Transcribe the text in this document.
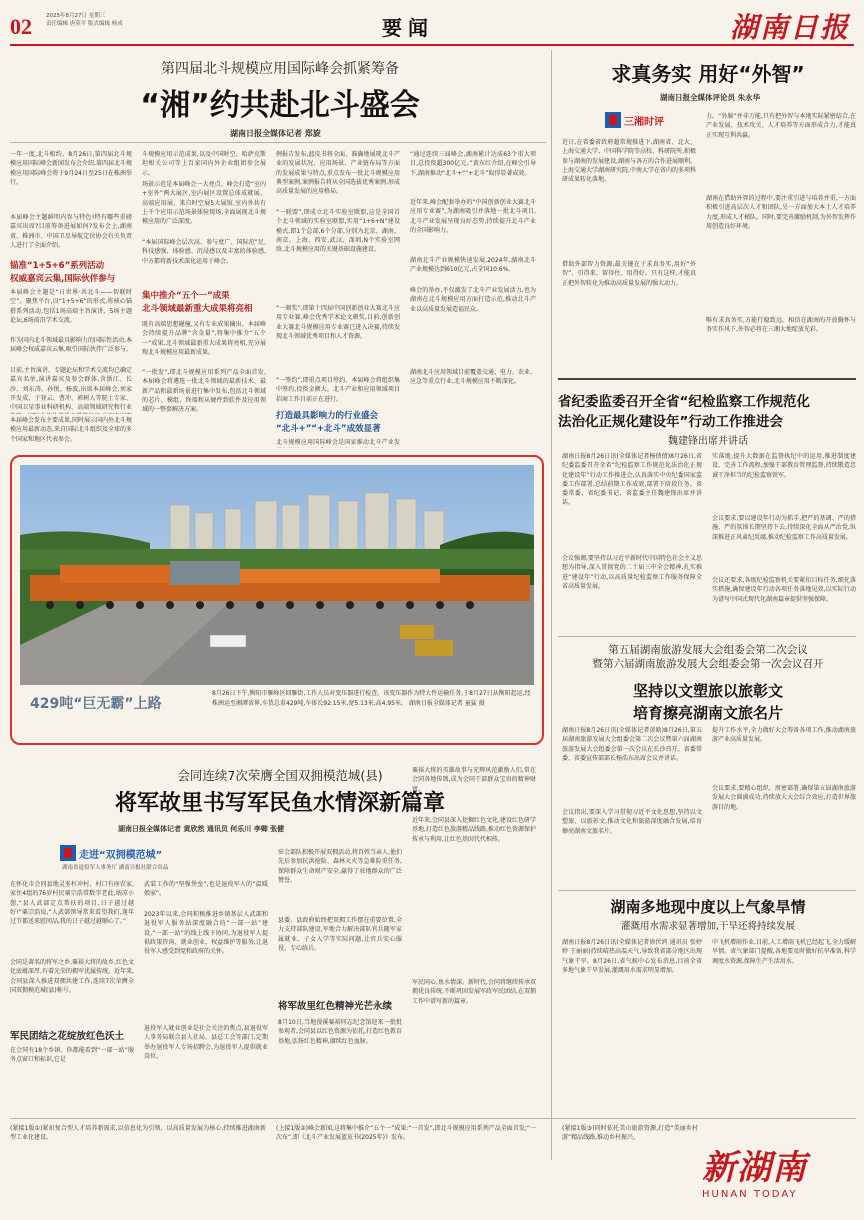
02	2025年8月27日 星期三
责任编辑 唐莫平 版式编辑 杨成	要闻	湖南日报
第四届北斗规模应用国际峰会抓紧筹备
“湘”约共赴北斗盛会
湖南日报全媒体记者 郑旋
一年一度,北斗相约。8月26日,第四届北斗规模应用国际峰会新闻发布会介绍,第四届北斗规模应用国际峰会将于9月24日至25日在株洲举行。
本届峰会主题鲜明内容与特色!特有哪些重磅嘉宾出席?目前筹备进展如何?发布会上,湖南省、株洲市、中国卫星导航定位协会有关负责人进行了全面介绍。
锚准“1+5+6”系列活动
权威嘉宾云集,国际伙伴参与
本届峰会主题是“日世界·共北斗——智联时空”。聚焦平台,以“1+5+6”的形式,将核心锚搭系列活动,包括1场高端主旨演讲、5场主题论坛,6场前沿学术交流。
作为国内北斗领域最具影响力的国际性活动,本届峰会权威嘉宾云集,吸引国际伙伴广泛参与。
目前,主旨演讲、专题论坛和学术交流均已确定嘉宾名单,演讲嘉宾及参会群体,含浙江、长沙、刘东涛、孙悦、杨波,出席本届峰会,刘家开发成、于登云、曹冲、郭树人等院士专家、中国卫星事业科研机构、高端领域研究和行业
本届峰会发布主要成果,同时展示国内外北斗规模应用最新动态,来自国际北斗组织及全球的多个国家和地区代表参会。
斗规模应用示范成果,以及中国时空、哈萨克斯坦相关公司等上百家国内外企业组团参会展示。
场景示范是本届峰会一大亮点。峰会打造“室内+室外”两大展区,室内展区设置总体成就展、高端应用展、来自时空展5大展馆,室内外共有上千个应用示范场景体验现场,全面展现北斗规模应用的广泛深度。
“本届国际峰会层次高、参与度广、国际范”足,科技感强、体验感、沉浸感以及丰富的体验感,中方都将新技术深化运用于峰会。
集中推介“五个一”成果
北斗领域最新重大成果将亮相
既有高端思想碰撞,又有专业成果输出。本届峰会持续提升品牌“含金量”,将集中推介“五个一”成果,北斗领域最新重大成果将亮相,充分展现北斗规模应用最新成果。
“一批发”,即北斗规模应用系列产品全面首发,本届峰会将遴选一批北斗领域的最新技术、最新产品和最新场景进行集中发布,包括北斗领域的芯片、模组、终端和从硬件到软件及应用领域的一整套解决方案。
例报告发布,蓝皮书将全面、准确地展现北斗产业的发展状况、应用场景、产业链布局等方面的发展成果与特点,重点发布一批北斗规模应用典型案例,案例报告将从全国选拔优秀案例,形成高质量发展的应用格局。
“一联盟”,即成立北斗实验室联盟,这是全国首个北斗领域的实验室联盟,实用“1+6+N”建设模式,即1个总部,6个分部,分别为北京、湖南、南京、上海、西安,武汉、深圳,N个实验室网络,北斗规模应用的关键基础设施建设。
“一颁奖”,即第十四届中国创新创业大赛北斗应用专业赛,峰会优秀学术论文颁奖,目前,创新创业大赛北斗规模应用专业赛已进入决赛,持续发现北斗领域优秀项目和人才资源。
“一签约”,即重点项目签约。本届峰会将组织集中签约,投资金额大。北斗产业和应用领域项目招商工作目前正在进行。
打造最具影响力的行业盛会
“北斗+”“+北斗”成效显著
北斗规模应用国际峰会是国家推动北斗产业发
“通过连续三届峰会,湖南累计达成63个重大项目,总投资超300亿元。”黄东红介绍,在峰会引导下,湖南推动“北斗+”“+北斗”取得显著成效。
近年来,峰会配套举办的“中国创新创业大赛北斗应用专业赛”,为湖南吸引并落地一批北斗项目,北斗产业发展呈现良好态势,持续提升北斗产业的全国影响力。
湖南北斗产业规模快速发展,2024年,湖南北斗产业规模达到610亿元,占全国10.6%。
峰会的举办,不仅激发了北斗产业发展活力,也为湖南在北斗规模应用方面打造示范,推动北斗产业以高质量发展造福民众。
湖南北斗应用领域目前覆盖交通、电力、农业、应急等重点行业,北斗规模应用不断深化。
求真务实 用好“外智”
湖南日报全媒体评论员 朱永华
三湘时评
近日,在省委省政府超常规推进下,湖南省、北大、上海交通大学、中国科学院等高校、科研院所,积极参与湖南的发展建设,湖南与各方的合作进展顺利。上海交通大学湖南研究院,中南大学在省内的多项科研成果转化落地。
借助外部智力资源,最关键在于求真务实,用好“外智”、引得来、留得住、用得好。只有这样,才能真正把外智转化为推动高质量发展的强大动力。
力。“外脑”并非万能,只有把外智与本地实际紧密结合,在产业发展、技术攻关、人才培养等方面形成合力,才能真正实现互利共赢。
湖南在借助外智的过程中,要注重引进与培养并重,一方面积极引进高层次人才和团队,另一方面加大本土人才培养力度,形成人才梯队。同时,要完善激励机制,为外智发挥作用创造良好环境。
唯有求真务实,方能行稳致远。相信在湖南的开放胸怀与务实作风下,外智必将在三湘大地绽放光彩。
省纪委监委召开全省“纪检监察工作规范化
法治化正规化建设年”行动工作推进会
魏建锋出席并讲话
湖南日报8月26日讯(全媒体记者杨倩倩)8月26日,省纪委监委召开全省“纪检监察工作规范化法治化正规化建设年”行动工作推进会,认真落实中央纪委国家监委工作部署,总结前期工作成效,部署下阶段任务。省委常委、省纪委书记、省监委主任魏建锋出席并讲话。
会议强调,要坚持以习近平新时代中国特色社会主义思想为指导,深入贯彻党的二十届三中全会精神,扎实推进“建设年”行动,以高质量纪检监察工作服务保障全省高质量发展。
实落地,提升大数据在监督执纪中的运用,推进制度建设、完善工作流程,加强干部教育管理监督,持续锻造忠诚干净担当的纪检监察铁军。
会议要求,要以建设年行动为抓手,把严的基调、严的措施、严的氛围长期坚持下去,持续深化全面从严治党,纵深推进正风肃纪反腐,推动纪检监察工作高质量发展。
会议还要求,各级纪检监察机关要紧扣目标任务,细化落实措施,确保建设年行动各项任务落地见效,以实际行动为谱写中国式现代化湖南篇章提供坚强保障。
第五届湖南旅游发展大会组委会第二次会议
暨第六届湖南旅游发展大会组委会第一次会议召开
坚持以文塑旅以旅彰文
培育擦亮湖南文旅名片
湖南日报8月26日讯(全媒体记者黄晗)8月26日,第五届湖南旅游发展大会组委会第二次会议暨第六届湖南旅游发展大会组委会第一次会议在长沙召开。省委常委、省委宣传部部长杨浩东出席会议并讲话。
会议指出,要深入学习贯彻习近平文化思想,坚持以文塑旅、以旅彰文,推动文化和旅游深度融合发展,培育擦亮湖南文旅名片。
提升工作水平,全力做好大会筹备各项工作,推动湖南旅游产业高质量发展。
会议要求,要精心组织、周密部署,确保第五届湖南旅游发展大会圆满成功,持续放大大会综合效应,打造世界旅游目的地。
湖南多地现中度以上气象旱情
灌溉用水需求显著增加,干旱还将持续发展
湖南日报8月26日讯(全媒体记者徐伏鸿 通讯员 张婷婷 王丽丽)持续晴热高温天气,导致我省部分地区出现气象干旱。8月26日,省气候中心发布消息,目前全省多地气象干旱发展,灌溉用水需求明显增加。
中飞机增雨作业,目前,人工增雨飞机已经起飞,全力缓解旱情。省气象部门提醒,各地要及时做好抗旱准备,科学调度水资源,保障生产生活用水。
429吨“巨无霸”上路
8月26日下午,衡阳市雁峰区回雁街,工作人员对变压器进行检查。该变压器作为特大件运输任务,于8月27日从衡阳起运,经株洲运至湘潭省界,车货总重429吨,车体长92.15米,宽5.13米,高4.95米。 湖南日报全媒体记者 童猛 摄
会同连续7次荣膺全国双拥模范城(县)
将军故里书写军民鱼水情深新篇章
湖南日报全媒体记者 黄欣然 通讯员 何乐川 李卿 张健
走进“双拥模范城”
湖南省退役军人事务厅 湖南日报社联合出品
在怀化市会同县地灵多杆冲村、村口有座农家,家住4组的76岁村民粟宗浩常数字老此,纳凉小憩,“县人武部定点帮扶的项目,日子越过越好!”粟宗浩说,“人武部领导常来看望我们,逢年过节都送来慰问品,我的日子越过越顺心了。”
会同是著名的将军之乡,粟裕大将的故乡,红色文化底蕴深厚,有着光荣的拥军优属传统。近年来,会同县深入推进双拥共建工作,连续7次荣膺全国双拥模范城(县)称号。
军民团结之花绽放红色沃土
在会同有18个乡镇、你都能看到“一部一站”服务点窗口和标识,它是
武装工作的“坚强堡垒”,也是退役军人的“温暖娘家”。
2023年以来,会同积极推进乡镇基层人武部和退役军人服务站深度融合的“一部一站”建设,“一部一站”的线上线下协同,为退役军人提供政策咨询、就业创业、权益维护等服务,让退役军人感受到党和政府的关怀。
退役军人就业创业是社会关注的焦点,县退役军人事务局联合县人社局、县总工会等部门,定期举办退役军人专场招聘会,为退役军人提供就业岗位。
驻会部队积极开展双拥活动,将百姓当亲人,他们先后参加抗洪抢险、森林灭火等急难险重任务,保障群众生命财产安全,赢得了驻地群众的广泛赞誉。
县委、县政府始终把双拥工作摆在重要位置,全力支持部队建设,军地合力解决部队官兵随军家属就业、子女入学等实际问题,让官兵安心服役、专心练兵。
将军故里红色精神光芒永续
8月10日,当地漫溪粟裕同志纪念馆迎来一批批参观者,会同县以红色资源为依托,打造红色教育基地,弘扬红色精神,赓续红色血脉。
粟裕大将的英雄故事与光辉风范激励人们,常在会同各地传颂,成为会同干部群众宝贵的精神财富。
近年来,会同县深入挖掘红色文化,建设红色研学基地,打造红色旅游精品线路,推动红色资源保护传承与利用,让红色基因代代相传。
军民同心,鱼水情深。新时代,会同将继续传承双拥优良传统,不断巩固发展军政军民团结,在双拥工作中谱写新的篇章。
(紧接1版①)紧扣复合型人才培养新需求,以信息化为引领、以高质量发展为核心,持续推进湖南新型工业化建设。
(上接1版②)峰会新闻,这将集中推介“五个一”成果:“一首发”,即北斗规模应用系列产品全面首发;“一次布”,即《北斗产业发展蓝皮书(2025年)》发布。
(紧接1版③)同时依托美山旅游资源,打造“美丽乡村游”精品线路,推动乡村振兴。
新湖南
HUNAN TODAY
